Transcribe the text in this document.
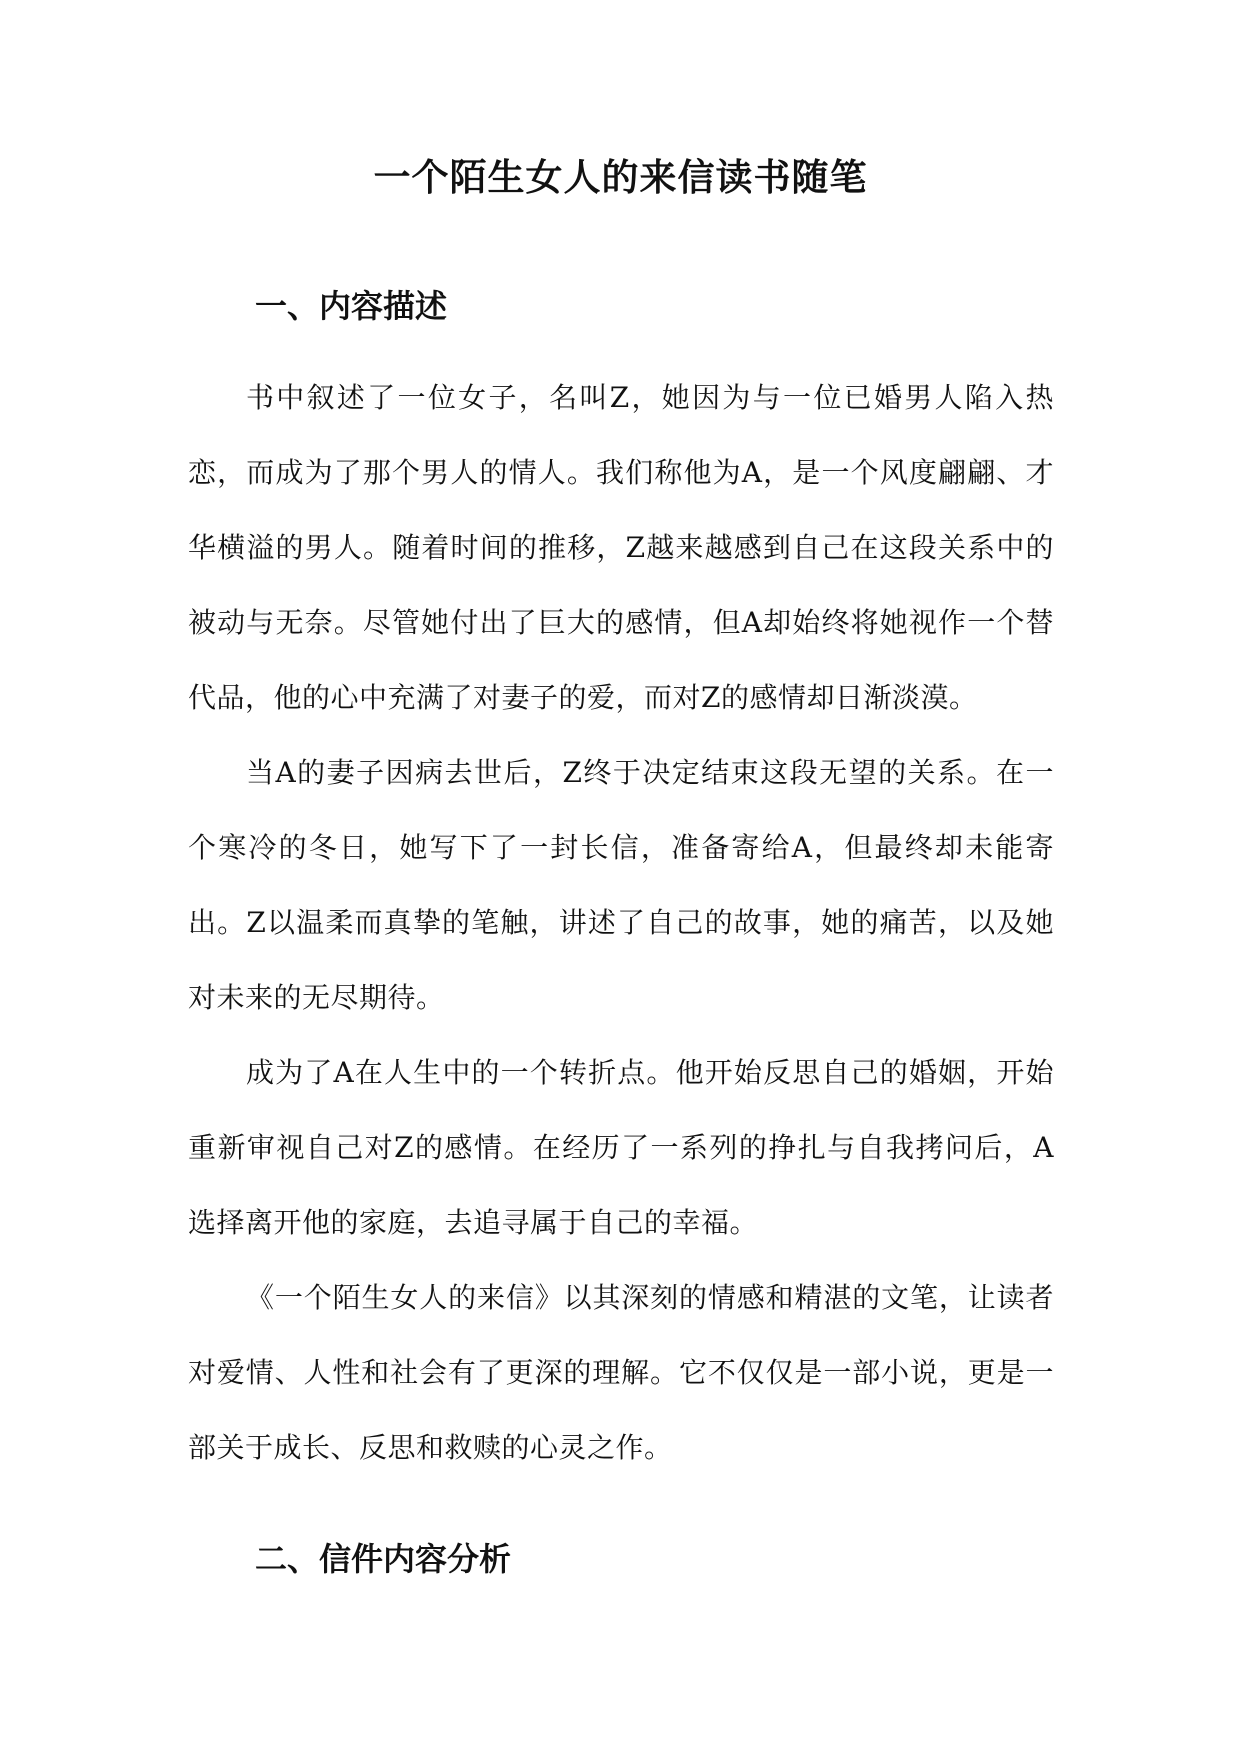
一个陌生女人的来信读书随笔
一、内容描述

书中叙述了一位女子，名叫Z，她因为与一位已婚男人陷入热恋，而成为了那个男人的情人。我们称他为A，是一个风度翩翩、才华横溢的男人。随着时间的推移，Z越来越感到自己在这段关系中的被动与无奈。尽管她付出了巨大的感情，但A却始终将她视作一个替代品，他的心中充满了对妻子的爱，而对Z的感情却日渐淡漠。

当A的妻子因病去世后，Z终于决定结束这段无望的关系。在一个寒冷的冬日，她写下了一封长信，准备寄给A，但最终却未能寄出。Z以温柔而真挚的笔触，讲述了自己的故事，她的痛苦，以及她对未来的无尽期待。

成为了A在人生中的一个转折点。他开始反思自己的婚姻，开始重新审视自己对Z的感情。在经历了一系列的挣扎与自我拷问后，A选择离开他的家庭，去追寻属于自己的幸福。

《一个陌生女人的来信》以其深刻的情感和精湛的文笔，让读者对爱情、人性和社会有了更深的理解。它不仅仅是一部小说，更是一部关于成长、反思和救赎的心灵之作。

二、信件内容分析
